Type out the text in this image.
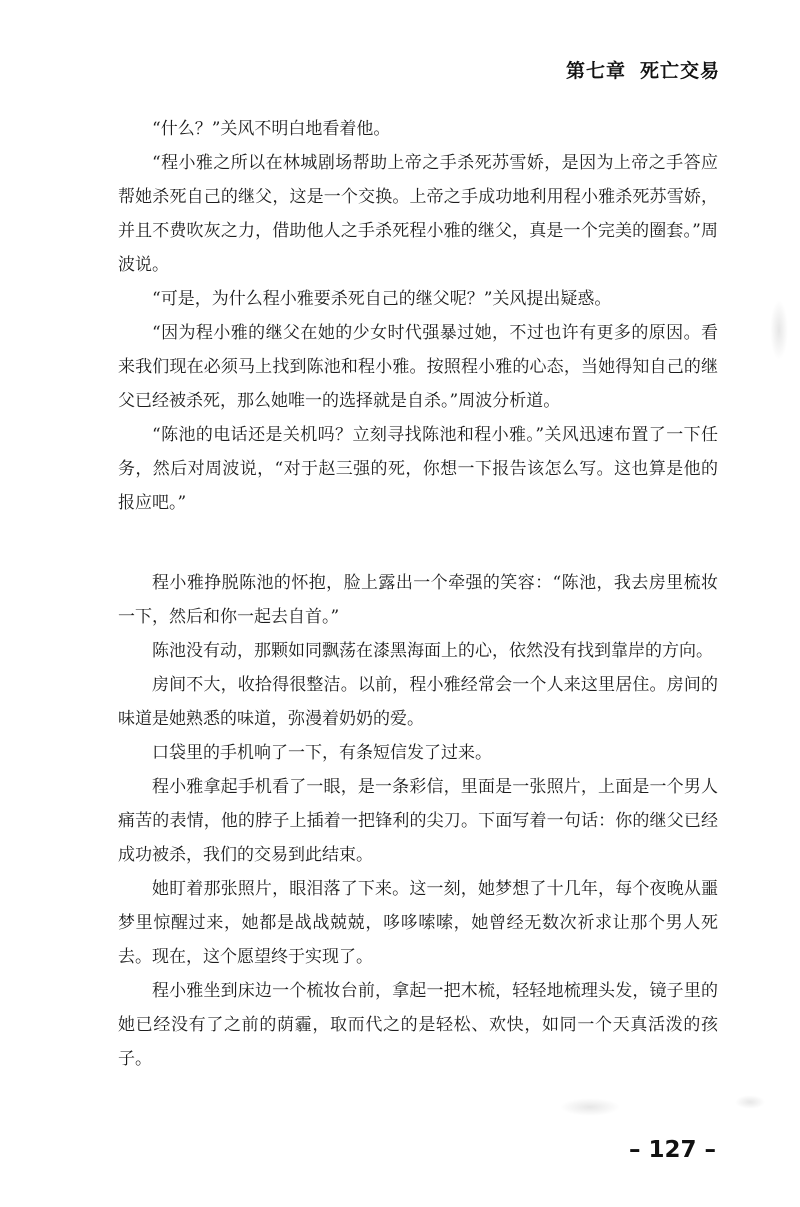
第七章 死亡交易

“什么？”关风不明白地看着他。

“程小雅之所以在林城剧场帮助上帝之手杀死苏雪娇，是因为上帝之手答应帮她杀死自己的继父，这是一个交换。上帝之手成功地利用程小雅杀死苏雪娇，并且不费吹灰之力，借助他人之手杀死程小雅的继父，真是一个完美的圈套。”周波说。

“可是，为什么程小雅要杀死自己的继父呢？”关风提出疑惑。

“因为程小雅的继父在她的少女时代强暴过她，不过也许有更多的原因。看来我们现在必须马上找到陈池和程小雅。按照程小雅的心态，当她得知自己的继父已经被杀死，那么她唯一的选择就是自杀。”周波分析道。

“陈池的电话还是关机吗？立刻寻找陈池和程小雅。”关风迅速布置了一下任务，然后对周波说，“对于赵三强的死，你想一下报告该怎么写。这也算是他的报应吧。”

程小雅挣脱陈池的怀抱，脸上露出一个牵强的笑容：“陈池，我去房里梳妆一下，然后和你一起去自首。”

陈池没有动，那颗如同飘荡在漆黑海面上的心，依然没有找到靠岸的方向。

房间不大，收拾得很整洁。以前，程小雅经常会一个人来这里居住。房间的味道是她熟悉的味道，弥漫着奶奶的爱。

口袋里的手机响了一下，有条短信发了过来。

程小雅拿起手机看了一眼，是一条彩信，里面是一张照片，上面是一个男人痛苦的表情，他的脖子上插着一把锋利的尖刀。下面写着一句话：你的继父已经成功被杀，我们的交易到此结束。

她盯着那张照片，眼泪落了下来。这一刻，她梦想了十几年，每个夜晚从噩梦里惊醒过来，她都是战战兢兢，哆哆嗦嗦，她曾经无数次祈求让那个男人死去。现在，这个愿望终于实现了。

程小雅坐到床边一个梳妆台前，拿起一把木梳，轻轻地梳理头发，镜子里的她已经没有了之前的荫霾，取而代之的是轻松、欢快，如同一个天真活泼的孩子。

– 127 –
